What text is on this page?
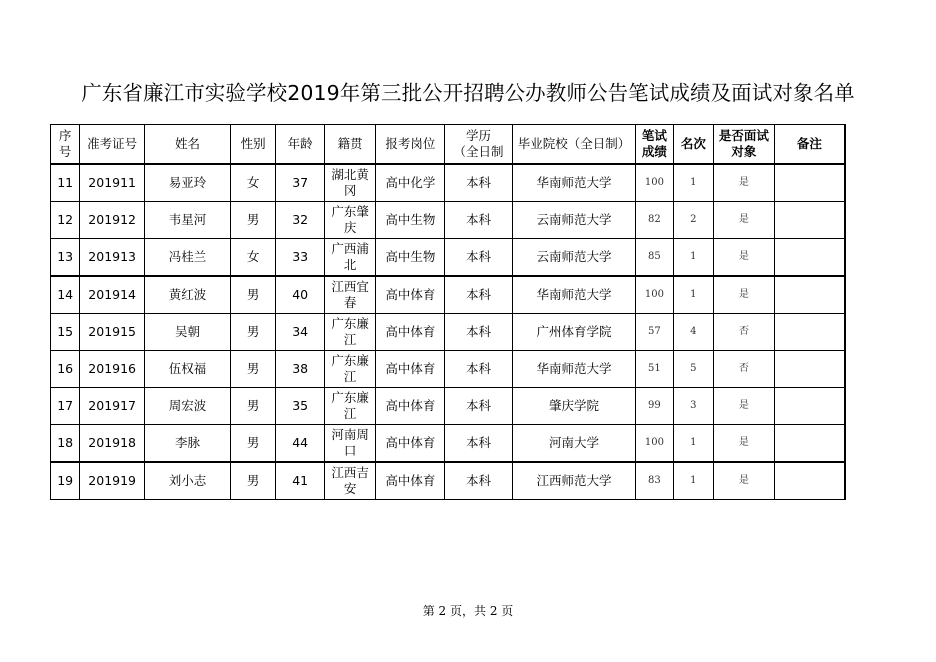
广东省廉江市实验学校2019年第三批公开招聘公办教师公告笔试成绩及面试对象名单
序
号	准考证号	姓名	性别	年龄	籍贯	报考岗位	学历
（全日制	毕业院校（全日制）	笔试
成绩	名次	是否面试
对象	备注
11	201911	易亚玲	女	37	湖北黄
冈	高中化学	本科	华南师范大学	100	1	是	
12	201912	韦星河	男	32	广东肇
庆	高中生物	本科	云南师范大学	82	2	是	
13	201913	冯桂兰	女	33	广西浦
北	高中生物	本科	云南师范大学	85	1	是	
14	201914	黄红波	男	40	江西宜
春	高中体育	本科	华南师范大学	100	1	是	
15	201915	吴朝	男	34	广东廉
江	高中体育	本科	广州体育学院	57	4	否	
16	201916	伍权福	男	38	广东廉
江	高中体育	本科	华南师范大学	51	5	否	
17	201917	周宏波	男	35	广东廉
江	高中体育	本科	肇庆学院	99	3	是	
18	201918	李脉	男	44	河南周
口	高中体育	本科	河南大学	100	1	是	
19	201919	刘小志	男	41	江西吉
安	高中体育	本科	江西师范大学	83	1	是	
第 2 页，共 2 页
